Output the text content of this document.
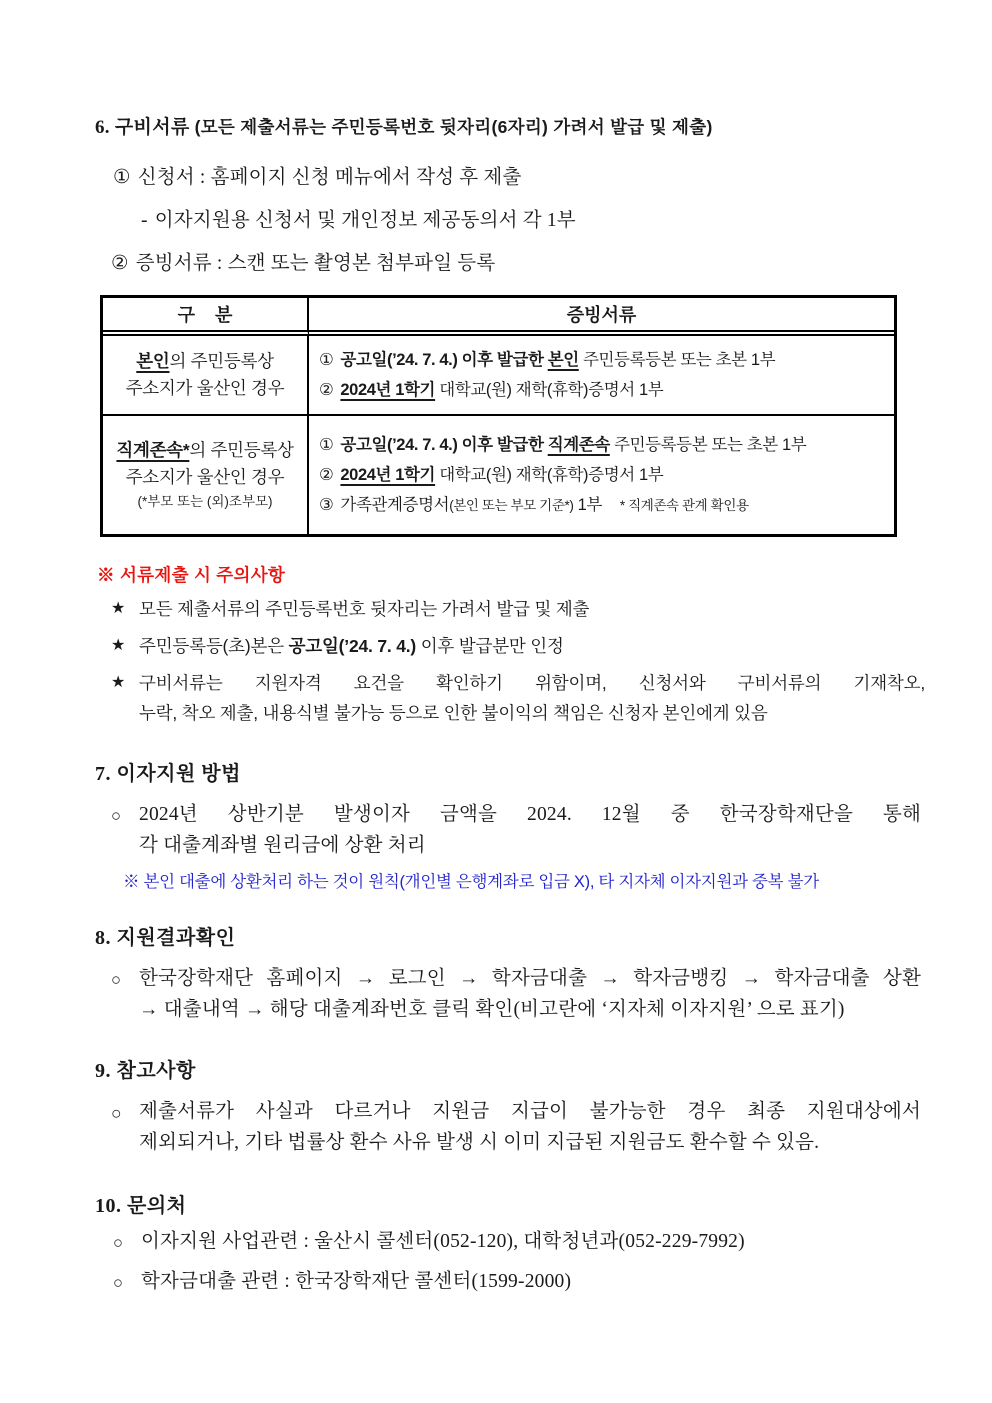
6. 구비서류 (모든 제출서류는 주민등록번호 뒷자리(6자리) 가려서 발급 및 제출)
① 신청서 : 홈페이지 신청 메뉴에서 작성 후 제출
- 이자지원용 신청서 및 개인정보 제공동의서 각 1부
② 증빙서류 : 스캔 또는 촬영본 첨부파일 등록
구    분	증빙서류
본인의 주민등록상
주소지가 울산인 경우
① 공고일(’24. 7. 4.) 이후 발급한 본인 주민등록등본 또는 초본 1부
② 2024년 1학기 대학교(원) 재학(휴학)증명서 1부
직계존속*의 주민등록상
주소지가 울산인 경우
(*부모 또는 (외)조부모)
① 공고일(’24. 7. 4.) 이후 발급한 직계존속 주민등록등본 또는 초본 1부
② 2024년 1학기 대학교(원) 재학(휴학)증명서 1부
③ 가족관계증명서(본인 또는 부모 기준*) 1부 * 직계존속 관계 확인용
※ 서류제출 시 주의사항
★ 모든 제출서류의 주민등록번호 뒷자리는 가려서 발급 및 제출
★ 주민등록등(초)본은 공고일(’24. 7. 4.) 이후 발급분만 인정
★ 구비서류는 지원자격 요건을 확인하기 위함이며, 신청서와 구비서류의 기재착오,
누락, 착오 제출, 내용식별 불가능 등으로 인한 불이익의 책임은 신청자 본인에게 있음
7. 이자지원 방법
○ 2024년 상반기분 발생이자 금액을 2024. 12월 중 한국장학재단을 통해
각 대출계좌별 원리금에 상환 처리
※ 본인 대출에 상환처리 하는 것이 원칙(개인별 은행계좌로 입금 X), 타 지자체 이자지원과 중복 불가
8. 지원결과확인
○ 한국장학재단 홈페이지 → 로그인 → 학자금대출 → 학자금뱅킹 → 학자금대출 상환
→ 대출내역 → 해당 대출계좌번호 클릭 확인(비고란에 ‘지자체 이자지원’ 으로 표기)
9. 참고사항
○ 제출서류가 사실과 다르거나 지원금 지급이 불가능한 경우 최종 지원대상에서
제외되거나, 기타 법률상 환수 사유 발생 시 이미 지급된 지원금도 환수할 수 있음.
10. 문의처
○ 이자지원 사업관련 : 울산시 콜센터(052-120), 대학청년과(052-229-7992)
○ 학자금대출 관련 : 한국장학재단 콜센터(1599-2000)
